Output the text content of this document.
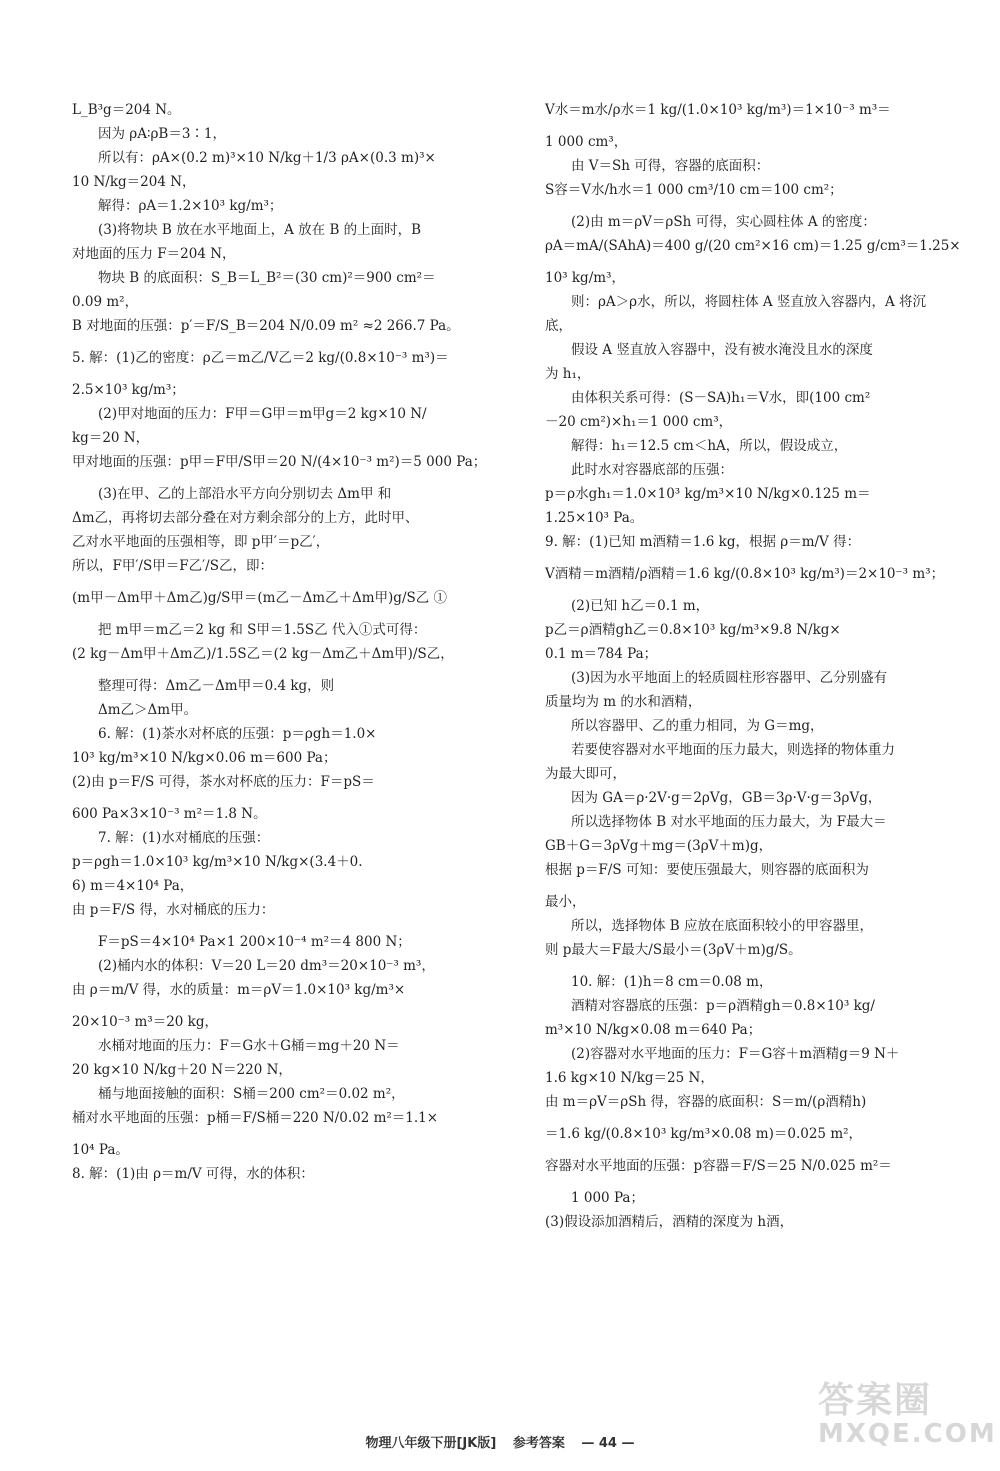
L_B³g＝204 N。
因为 ρA∶ρB＝3∶1，
所以有：ρA×(0.2 m)³×10 N/kg＋1/3 ρA×(0.3 m)³×
10 N/kg＝204 N，
解得：ρA＝1.2×10³ kg/m³；
(3)将物块 B 放在水平地面上，A 放在 B 的上面时，B
对地面的压力 F＝204 N，
物块 B 的底面积：S_B＝L_B²＝(30 cm)²＝900 cm²＝
0.09 m²，
B 对地面的压强：p′＝F/S_B＝204 N/0.09 m² ≈2 266.7 Pa。
5. 解：(1)乙的密度：ρ乙＝m乙/V乙＝2 kg/(0.8×10⁻³ m³)＝
2.5×10³ kg/m³；
(2)甲对地面的压力：F甲＝G甲＝m甲g＝2 kg×10 N/
kg＝20 N，
甲对地面的压强：p甲＝F甲/S甲＝20 N/(4×10⁻³ m²)＝5 000 Pa；
(3)在甲、乙的上部沿水平方向分别切去 Δm甲 和
Δm乙，再将切去部分叠在对方剩余部分的上方，此时甲、
乙对水平地面的压强相等，即 p甲′＝p乙′，
所以，F甲′/S甲＝F乙′/S乙，即：
(m甲－Δm甲＋Δm乙)g/S甲＝(m乙－Δm乙＋Δm甲)g/S乙 ①
把 m甲＝m乙＝2 kg 和 S甲＝1.5S乙 代入①式可得：
(2 kg－Δm甲＋Δm乙)/1.5S乙＝(2 kg－Δm乙＋Δm甲)/S乙，
整理可得：Δm乙－Δm甲＝0.4 kg，则
Δm乙＞Δm甲。
6. 解：(1)茶水对杯底的压强：p＝ρgh＝1.0×
10³ kg/m³×10 N/kg×0.06 m＝600 Pa；
(2)由 p＝F/S 可得，茶水对杯底的压力：F＝pS＝
600 Pa×3×10⁻³ m²＝1.8 N。
7. 解：(1)水对桶底的压强：
p＝ρgh＝1.0×10³ kg/m³×10 N/kg×(3.4＋0.
6) m＝4×10⁴ Pa，
由 p＝F/S 得，水对桶底的压力：
F＝pS＝4×10⁴ Pa×1 200×10⁻⁴ m²＝4 800 N；
(2)桶内水的体积：V＝20 L＝20 dm³＝20×10⁻³ m³，
由 ρ＝m/V 得，水的质量：m＝ρV＝1.0×10³ kg/m³×
20×10⁻³ m³＝20 kg，
水桶对地面的压力：F＝G水＋G桶＝mg＋20 N＝
20 kg×10 N/kg＋20 N＝220 N，
桶与地面接触的面积：S桶＝200 cm²＝0.02 m²，
桶对水平地面的压强：p桶＝F/S桶＝220 N/0.02 m²＝1.1×
10⁴ Pa。
8. 解：(1)由 ρ＝m/V 可得，水的体积：
V水＝m水/ρ水＝1 kg/(1.0×10³ kg/m³)＝1×10⁻³ m³＝
1 000 cm³，
由 V＝Sh 可得，容器的底面积：
S容＝V水/h水＝1 000 cm³/10 cm＝100 cm²；
(2)由 m＝ρV＝ρSh 可得，实心圆柱体 A 的密度：
ρA＝mA/(SAhA)＝400 g/(20 cm²×16 cm)＝1.25 g/cm³＝1.25×
10³ kg/m³，
则：ρA＞ρ水，所以，将圆柱体 A 竖直放入容器内，A 将沉
底，
假设 A 竖直放入容器中，没有被水淹没且水的深度
为 h₁，
由体积关系可得：(S－SA)h₁＝V水，即(100 cm²
－20 cm²)×h₁＝1 000 cm³，
解得：h₁＝12.5 cm＜hA，所以，假设成立，
此时水对容器底部的压强：
p＝ρ水gh₁＝1.0×10³ kg/m³×10 N/kg×0.125 m＝
1.25×10³ Pa。
9. 解：(1)已知 m酒精＝1.6 kg，根据 ρ＝m/V 得：
V酒精＝m酒精/ρ酒精＝1.6 kg/(0.8×10³ kg/m³)＝2×10⁻³ m³；
(2)已知 h乙＝0.1 m，
p乙＝ρ酒精gh乙＝0.8×10³ kg/m³×9.8 N/kg×
0.1 m＝784 Pa；
(3)因为水平地面上的轻质圆柱形容器甲、乙分别盛有
质量均为 m 的水和酒精，
所以容器甲、乙的重力相同，为 G＝mg，
若要使容器对水平地面的压力最大，则选择的物体重力
为最大即可，
因为 GA＝ρ·2V·g＝2ρVg，GB＝3ρ·V·g＝3ρVg，
所以选择物体 B 对水平地面的压力最大，为 F最大＝
GB＋G＝3ρVg＋mg＝(3ρV＋m)g，
根据 p＝F/S 可知：要使压强最大，则容器的底面积为
最小，
所以，选择物体 B 应放在底面积较小的甲容器里，
则 p最大＝F最大/S最小＝(3ρV＋m)g/S。
10. 解：(1)h＝8 cm＝0.08 m，
酒精对容器底的压强：p＝ρ酒精gh＝0.8×10³ kg/
m³×10 N/kg×0.08 m＝640 Pa；
(2)容器对水平地面的压力：F＝G容＋m酒精g＝9 N＋
1.6 kg×10 N/kg＝25 N，
由 m＝ρV＝ρSh 得，容器的底面积：S＝m/(ρ酒精h)
＝1.6 kg/(0.8×10³ kg/m³×0.08 m)＝0.025 m²，
容器对水平地面的压强：p容器＝F/S＝25 N/0.025 m²＝
1 000 Pa；
(3)假设添加酒精后，酒精的深度为 h酒，
物理八年级下册[JK版] 参考答案 — 44 —
答案圈
MXQE.COM
